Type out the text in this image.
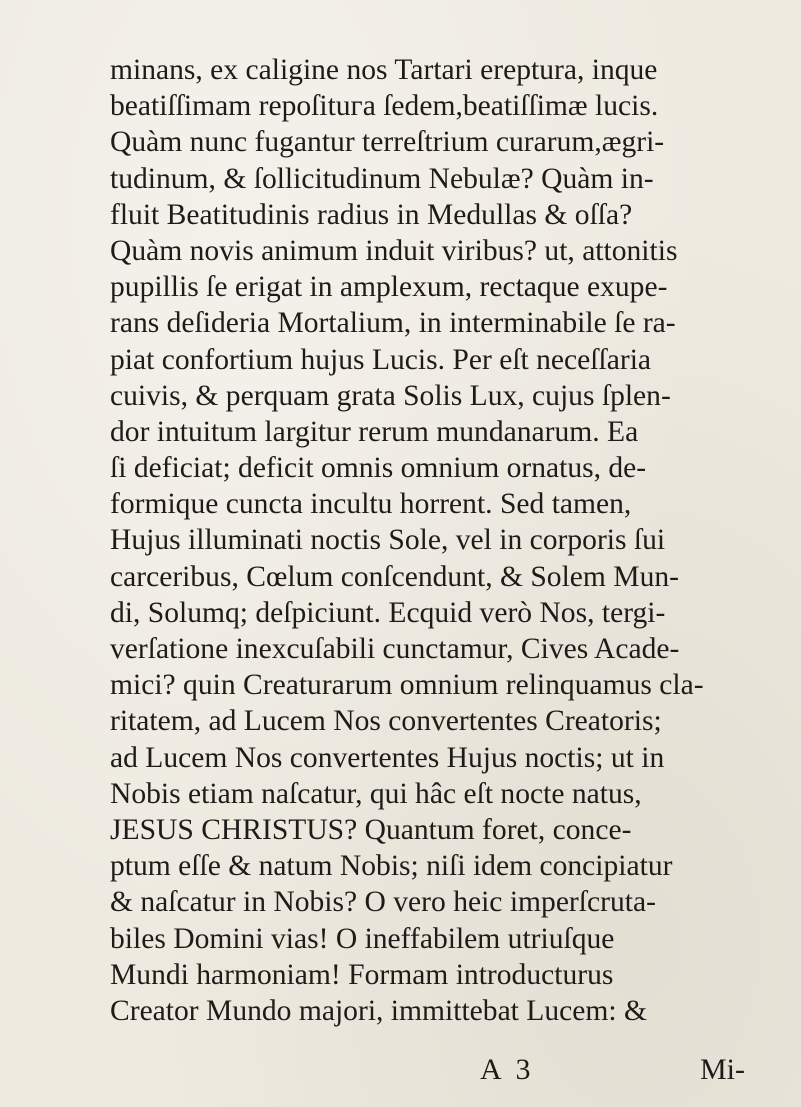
minans, ex caligine nos Tartari erepturа, inque
beatiſſimam repoſituга ſedem,beatiſſimæ lucis.
Quàm nunc fugantur terreſtrium curarum,ægri-
tudinum, & ſollicitudinum Nebulæ? Quàm in-
fluit Beatitudinis radius in Medullas & oſſa?
Quàm novis animum induit viribus? ut, attonitis
pupillis ſe erigat in amplexum, rectaque exupe-
rans deſideria Mortalium, in interminabile ſe ra-
piat confortium hujus Lucis. Per eſt neceſſaria
cuivis, & perquam grata Solis Lux, cujus ſplen-
dor intuitum largitur rerum mundanarum. Ea
ſi deficiat; deficit omnis omnium ornatus, de-
formique cuncta incultu horrent. Sed tamen,
Hujus illuminati noctis Sole, vel in corporis ſui
carceribus, Cœlum conſcendunt, & Solem Mun-
di, Solumq; deſpiciunt. Ecquid verò Nos, tergi-
verſatione inexcuſabili cunctamur, Cives Acade-
mici? quin Creaturarum omnium relinquamus cla-
ritatem, ad Lucem Nos convertentes Creatoris;
ad Lucem Nos convertentes Hujus noctis; ut in
Nobis etiam naſcatur, qui hâc eſt nocte natus,
JESUS CHRISTUS? Quantum foret, conce-
ptum eſſe & natum Nobis; niſi idem concipiatur
& naſcatur in Nobis? O vero heic imperſcruta-
biles Domini vias! O ineffabilem utriuſque
Mundi harmoniam! Formam introducturus
Creator Mundo majori, immittebat Lucem: &
A 3	Mi-
